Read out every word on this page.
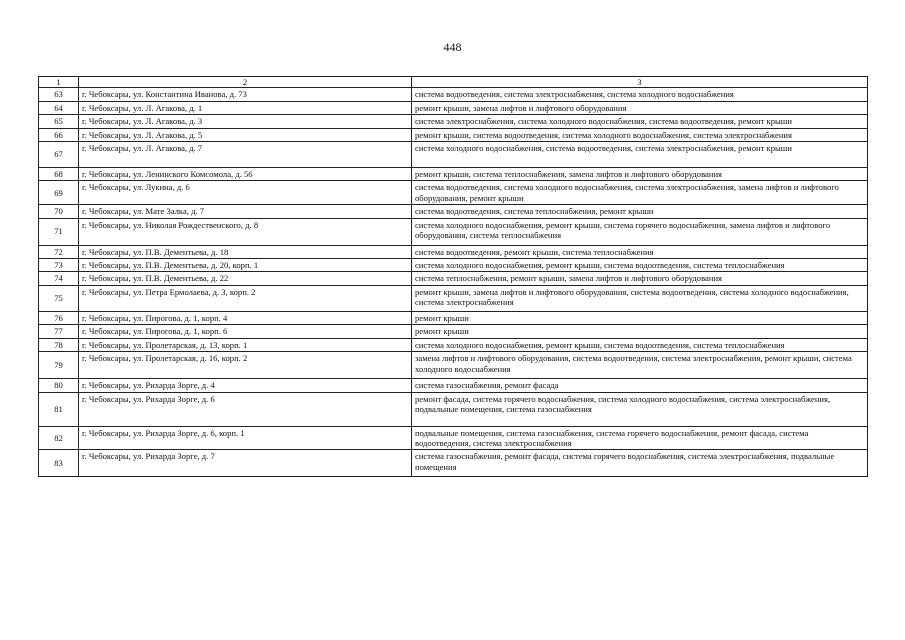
448
1	2	3
63	г. Чебоксары, ул. Константина Иванова, д. 73	система водоотведения, система электроснабжения, система холодного водоснабжения
64	г. Чебоксары, ул. Л. Агакова, д. 1	ремонт крыши, замена лифтов и лифтового оборудования
65	г. Чебоксары, ул. Л. Агакова, д. 3	система электроснабжения, система холодного водоснабжения, система водоотведения, ремонт крыши
66	г. Чебоксары, ул. Л. Агакова, д. 5	ремонт крыши, система водоотведения, система холодного водоснабжения, система электроснабжения
67	г. Чебоксары, ул. Л. Агакова, д. 7	система холодного водоснабжения, система водоотведения, система электроснабжения, ремонт крыши
68	г. Чебоксары, ул. Ленинского Комсомола, д. 56	ремонт крыши, система теплоснабжения, замена лифтов и лифтового оборудования
69	г. Чебоксары, ул. Лукина, д. 6	система водоотведения, система холодного водоснабжения, система электроснабжения, замена лифтов и лифтового оборудования, ремонт крыши
70	г. Чебоксары, ул. Мате Залка, д. 7	система водоотведения, система теплоснабжения, ремонт крыши
71	г. Чебоксары, ул. Николая Рождественского, д. 8	система холодного водоснабжения, ремонт крыши, система горячего водоснабжения, замена лифтов и лифтового оборудования, система теплоснабжения
72	г. Чебоксары, ул. П.В. Дементьева, д. 18	система водоотведения, ремонт крыши, система теплоснабжения
73	г. Чебоксары, ул. П.В. Дементьева, д. 20, корп. 1	система холодного водоснабжения, ремонт крыши, система водоотведения, система теплоснабжения
74	г. Чебоксары, ул. П.В. Дементьева, д. 22	система теплоснабжения, ремонт крыши, замена лифтов и лифтового оборудования
75	г. Чебоксары, ул. Петра Ермолаева, д. 3, корп. 2	ремонт крыши, замена лифтов и лифтового оборудования, система водоотведения, система холодного водоснабжения, система электроснабжения
76	г. Чебоксары, ул. Пирогова, д. 1, корп. 4	ремонт крыши
77	г. Чебоксары, ул. Пирогова, д. 1, корп. 6	ремонт крыши
78	г. Чебоксары, ул. Пролетарская, д. 13, корп. 1	система холодного водоснабжения, ремонт крыши, система водоотведения, система теплоснабжения
79	г. Чебоксары, ул. Пролетарская, д. 16, корп. 2	замена лифтов и лифтового оборудования, система водоотведения, система электроснабжения, ремонт крыши, система холодного водоснабжения
80	г. Чебоксары, ул. Рихарда Зорге, д. 4	система газоснабжения, ремонт фасада
81	г. Чебоксары, ул. Рихарда Зорге, д. 6	ремонт фасада, система горячего водоснабжения, система холодного водоснабжения, система электроснабжения, подвальные помещения, система газоснабжения
82	г. Чебоксары, ул. Рихарда Зорге, д. 6, корп. 1	подвальные помещения, система газоснабжения, система горячего водоснабжения, ремонт фасада, система водоотведения, система электроснабжения
83	г. Чебоксары, ул. Рихарда Зорге, д. 7	система газоснабжения, ремонт фасада, система горячего водоснабжения, система электроснабжения, подвальные помещения
